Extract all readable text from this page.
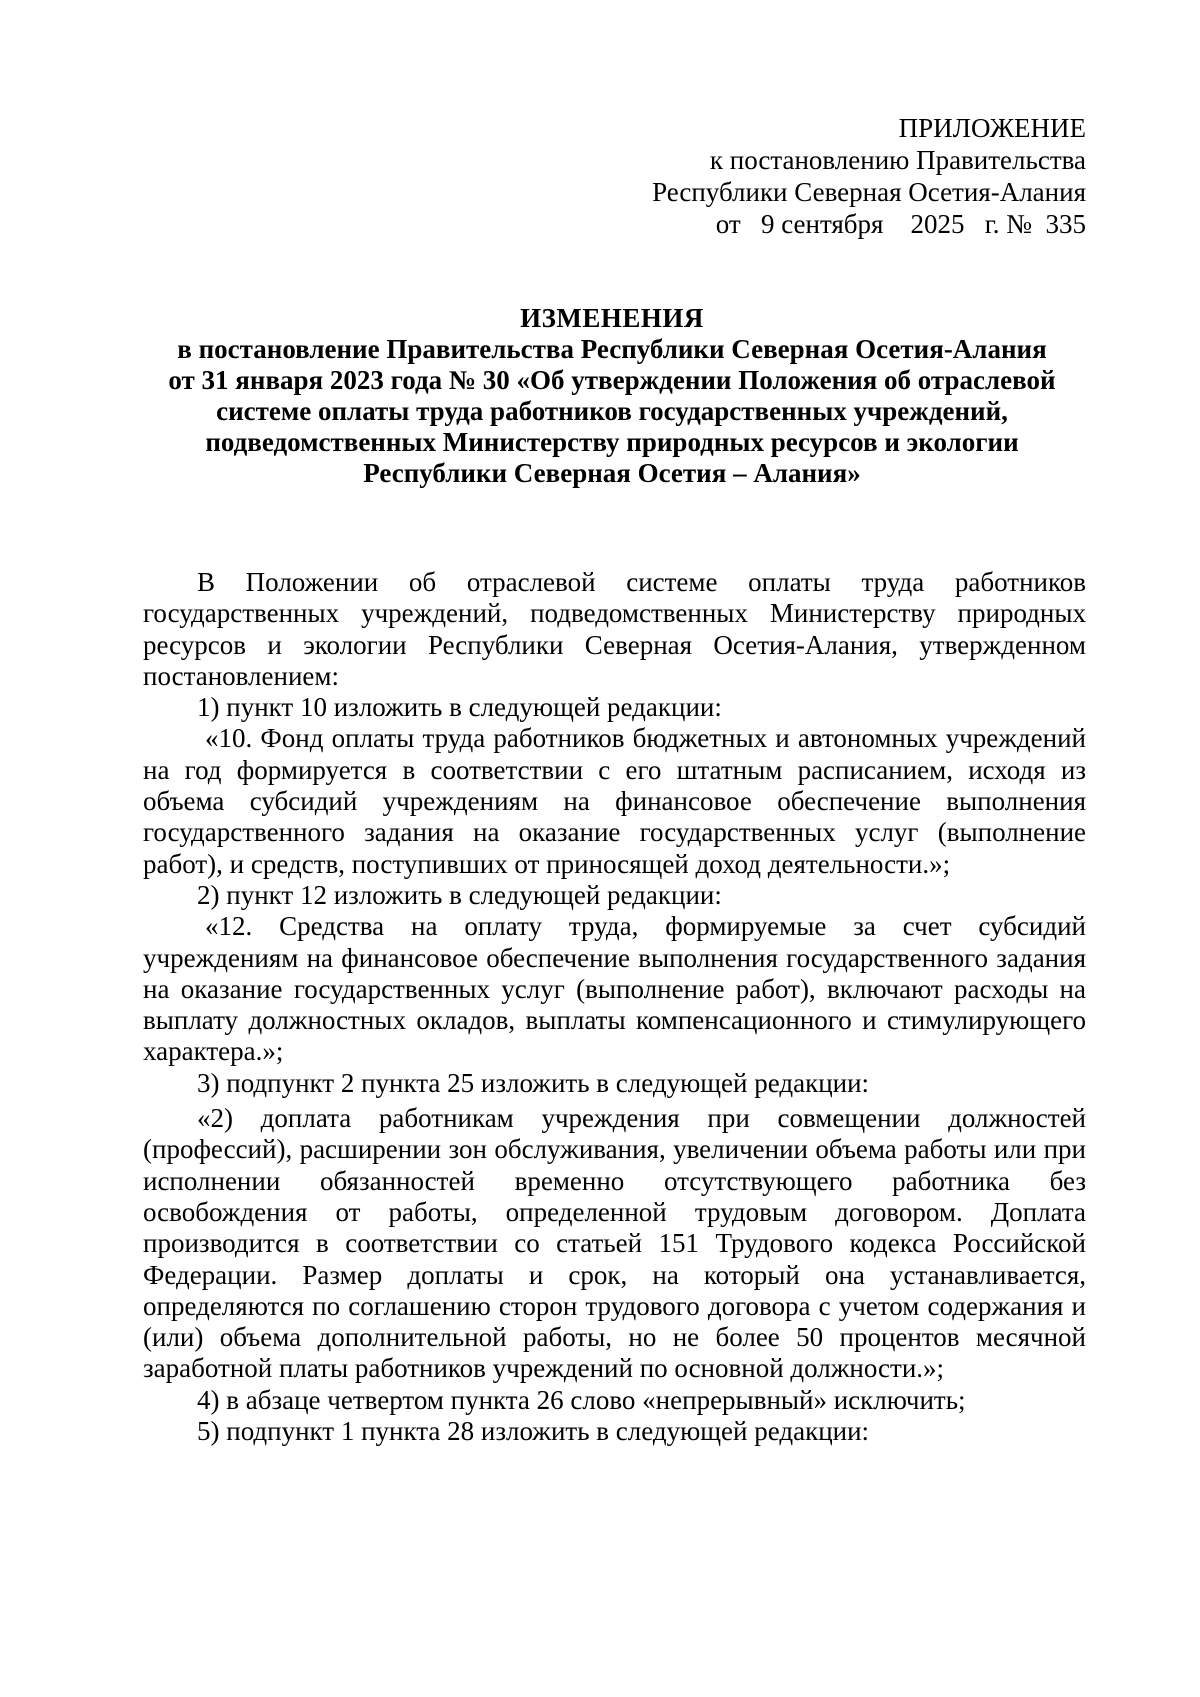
ПРИЛОЖЕНИЕ
к постановлению Правительства
Республики Северная Осетия-Алания
от   9 сентября    2025   г. №  335
ИЗМЕНЕНИЯ
в постановление Правительства Республики Северная Осетия-Алания
от 31 января 2023 года № 30 «Об утверждении Положения об отраслевой
системе оплаты труда работников государственных учреждений,
подведомственных Министерству природных ресурсов и экологии
Республики Северная Осетия – Алания»

В Положении об отраслевой системе оплаты труда работников государственных учреждений, подведомственных Министерству природных ресурсов и экологии Республики Северная Осетия-Алания, утвержденном постановлением:

1) пункт 10 изложить в следующей редакции:

«10. Фонд оплаты труда работников бюджетных и автономных учреждений на год формируется в соответствии с его штатным расписанием, исходя из объема субсидий учреждениям на финансовое обеспечение выполнения государственного задания на оказание государственных услуг (выполнение работ), и средств, поступивших от приносящей доход деятельности.»;

2) пункт 12 изложить в следующей редакции:

«12. Средства на оплату труда, формируемые за счет субсидий учреждениям на финансовое обеспечение выполнения государственного задания на оказание государственных услуг (выполнение работ), включают расходы на выплату должностных окладов, выплаты компенсационного и стимулирующего характера.»;

3) подпункт 2 пункта 25 изложить в следующей редакции:

«2) доплата работникам учреждения при совмещении должностей (профессий), расширении зон обслуживания, увеличении объема работы или при исполнении обязанностей временно отсутствующего работника без освобождения от работы, определенной трудовым договором. Доплата производится в соответствии со статьей 151 Трудового кодекса Российской Федерации. Размер доплаты и срок, на который она устанавливается, определяются по соглашению сторон трудового договора с учетом содержания и (или) объема дополнительной работы, но не более 50 процентов месячной заработной платы работников учреждений по основной должности.»;

4) в абзаце четвертом пункта 26 слово «непрерывный» исключить;

5) подпункт 1 пункта 28 изложить в следующей редакции:
